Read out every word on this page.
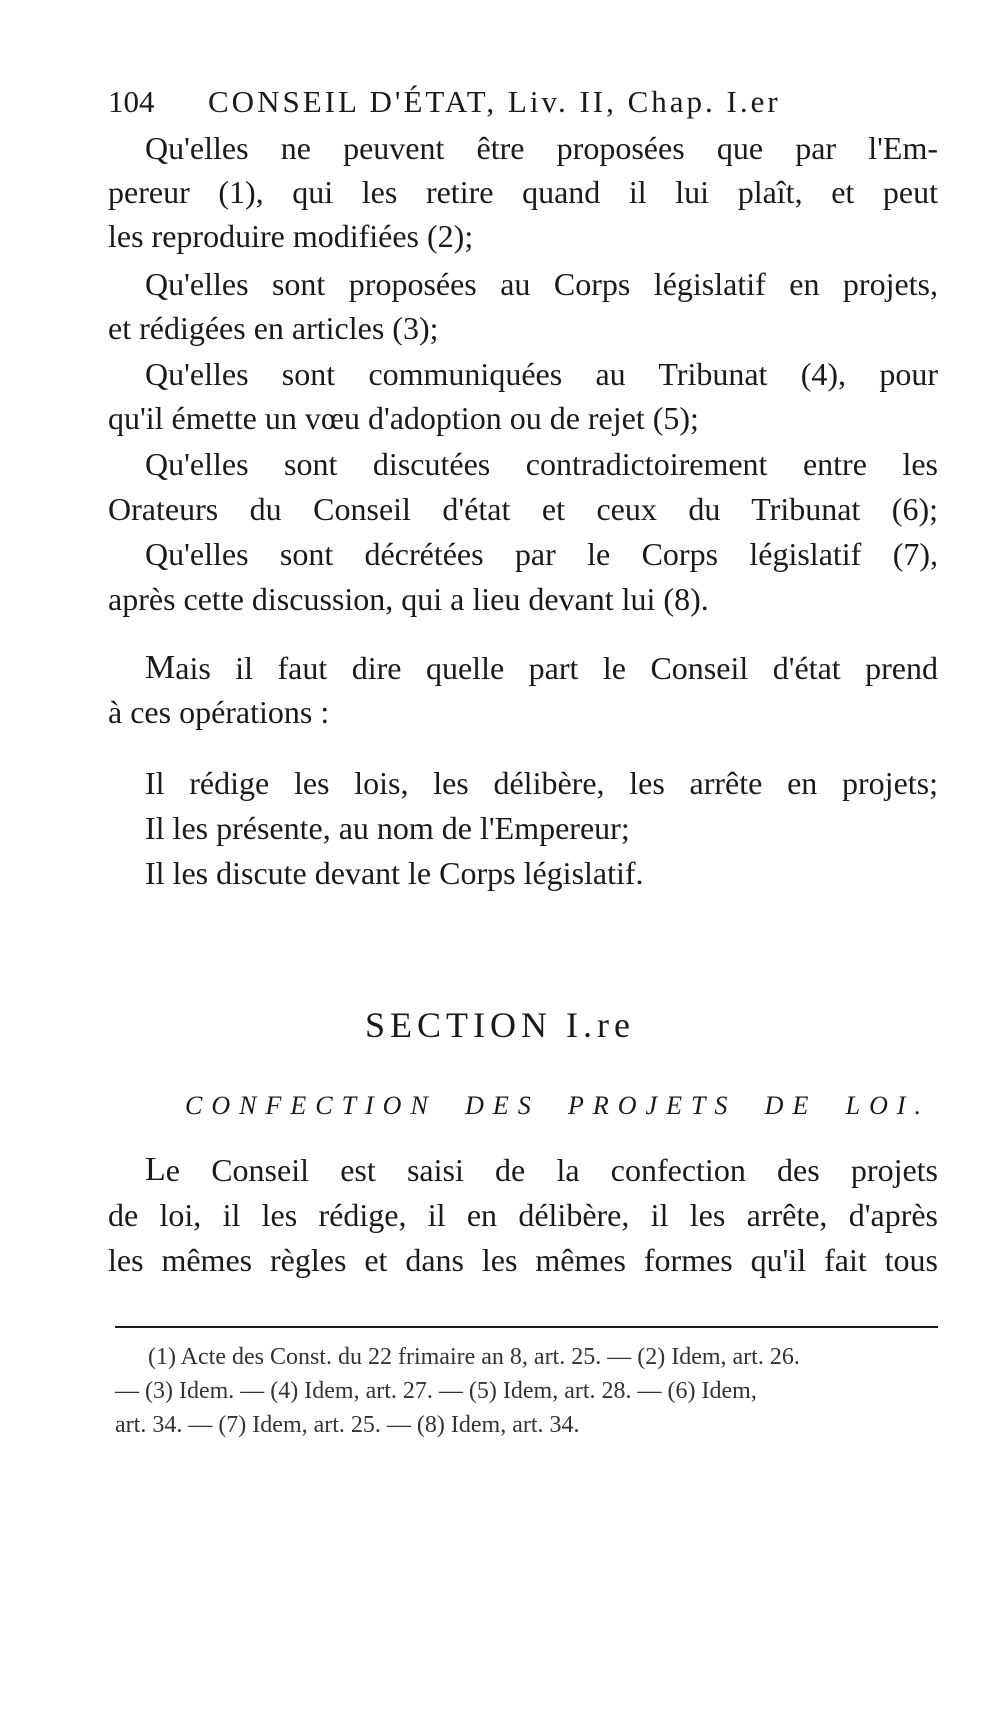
104 CONSEIL D'ÉTAT, Liv. II, Chap. I.er
Qu'elles ne peuvent être proposées que par l'Em-
pereur (1), qui les retire quand il lui plaît, et peut
les reproduire modifiées (2);
Qu'elles sont proposées au Corps législatif en projets,
et rédigées en articles (3);
Qu'elles sont communiquées au Tribunat (4), pour
qu'il émette un vœu d'adoption ou de rejet (5);
Qu'elles sont discutées contradictoirement entre les
Orateurs du Conseil d'état et ceux du Tribunat (6);
Qu'elles sont décrétées par le Corps législatif (7),
après cette discussion, qui a lieu devant lui (8).
M ais il faut dire quelle part le Conseil d'état prend
à ces opérations :
Il rédige les lois, les délibère, les arrête en projets;
Il les présente, au nom de l'Empereur;
Il les discute devant le Corps législatif.
SECTION I.re
CONFECTION DES PROJETS DE LOI.
L e Conseil est saisi de la confection des projets
de loi, il les rédige, il en délibère, il les arrête, d'après
les mêmes règles et dans les mêmes formes qu'il fait tous
(1) Acte des Const. du 22 frimaire an 8, art. 25. — (2) Idem, art. 26.
— (3) Idem. — (4) Idem, art. 27. — (5) Idem, art. 28. — (6) Idem,
art. 34. — (7) Idem, art. 25. — (8) Idem, art. 34.
